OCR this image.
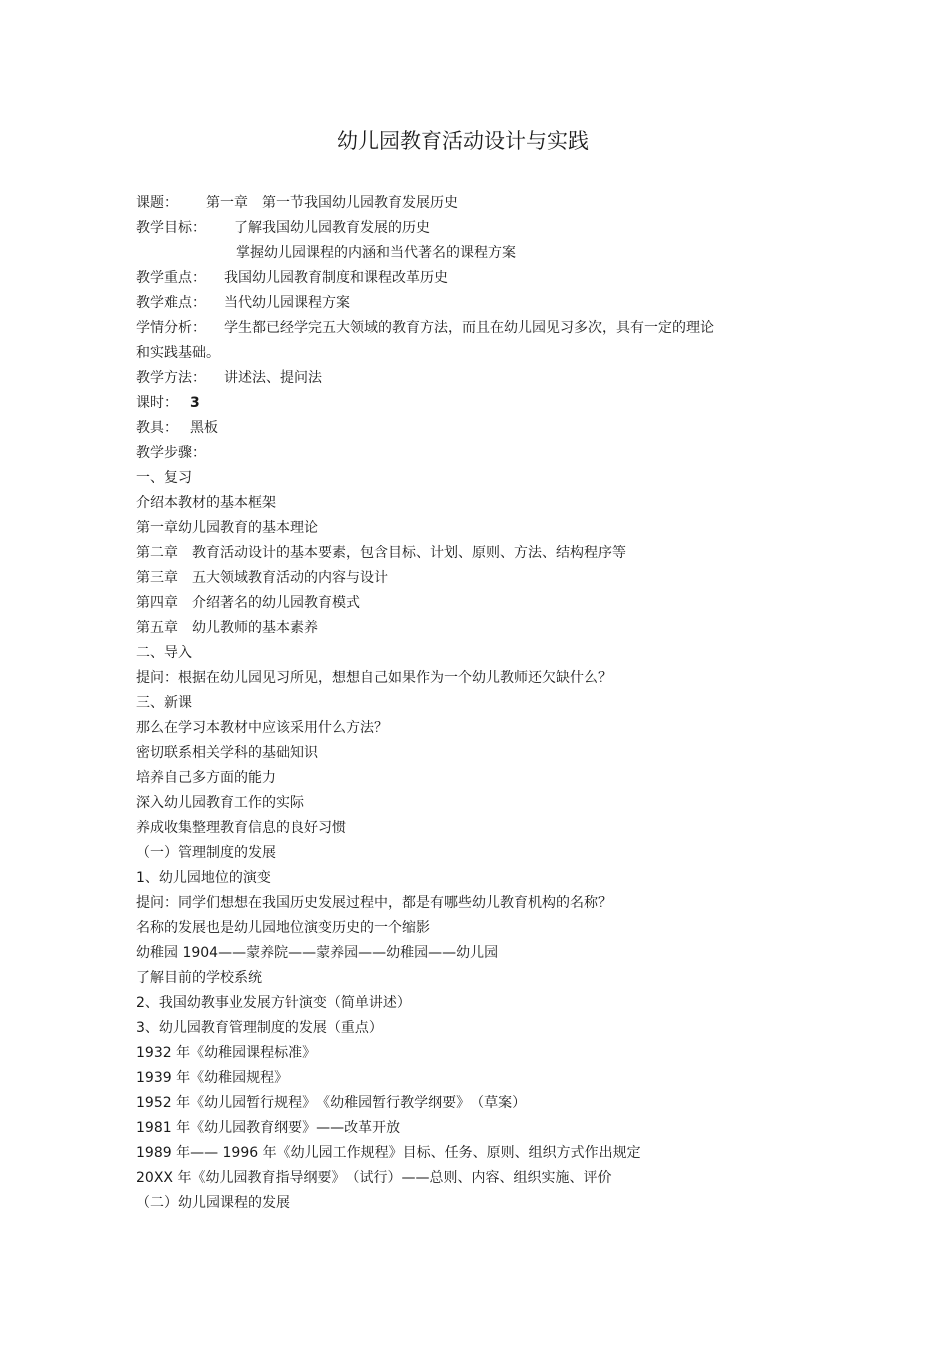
幼儿园教育活动设计与实践
课题： 第一章　第一节我国幼儿园教育发展历史
教学目标： 了解我国幼儿园教育发展的历史
掌握幼儿园课程的内涵和当代著名的课程方案
教学重点： 我国幼儿园教育制度和课程改革历史
教学难点： 当代幼儿园课程方案
学情分析： 学生都已经学完五大领域的教育方法，而且在幼儿园见习多次，具有一定的理论
和实践基础。
教学方法： 讲述法、提问法
课时： 3
教具： 黑板
教学步骤：
一、复习
介绍本教材的基本框架
第一章幼儿园教育的基本理论
第二章　教育活动设计的基本要素，包含目标、计划、原则、方法、结构程序等
第三章　五大领域教育活动的内容与设计
第四章　介绍著名的幼儿园教育模式
第五章　幼儿教师的基本素养
二、导入
提问：根据在幼儿园见习所见，想想自己如果作为一个幼儿教师还欠缺什么？
三、新课
那么在学习本教材中应该采用什么方法？
密切联系相关学科的基础知识
培养自己多方面的能力
深入幼儿园教育工作的实际
养成收集整理教育信息的良好习惯
（一）管理制度的发展
1、幼儿园地位的演变
提问：同学们想想在我国历史发展过程中，都是有哪些幼儿教育机构的名称？
名称的发展也是幼儿园地位演变历史的一个缩影
幼稚园 1904——蒙养院——蒙养园——幼稚园——幼儿园
了解目前的学校系统
2、我国幼教事业发展方针演变（简单讲述）
3、幼儿园教育管理制度的发展（重点）
1932 年《幼稚园课程标准》
1939 年《幼稚园规程》
1952 年《幼儿园暂行规程》　《幼稚园暂行教学纲要》　（草案）
1981 年《幼儿园教育纲要》——改革开放
1989 年—— 1996 年《幼儿园工作规程》目标、任务、原则、组织方式作出规定
20XX 年《幼儿园教育指导纲要》　（试行）——总则、内容、组织实施、评价
（二）幼儿园课程的发展
